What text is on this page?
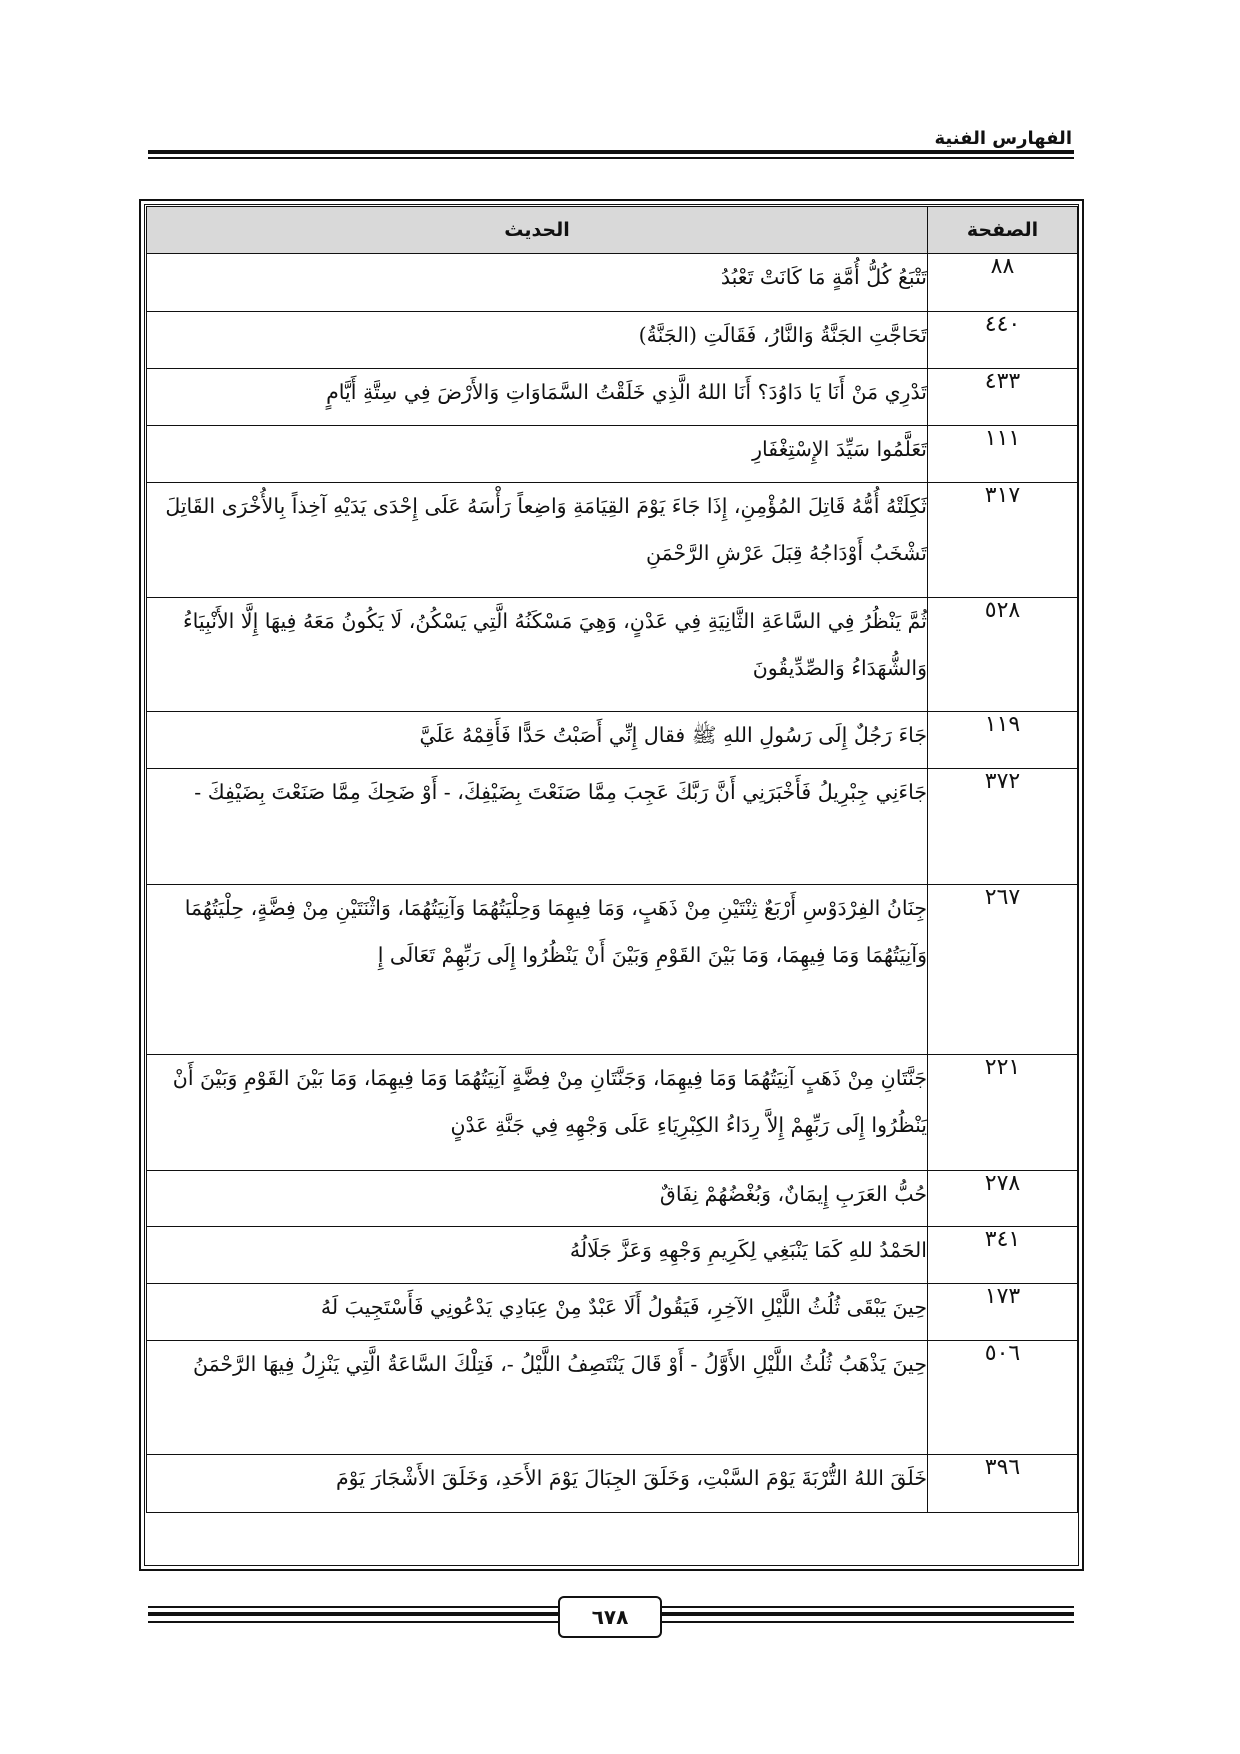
الفهارس الفنية
الصفحة	الحديث
٨٨	تَتْبَعُ كُلُّ أُمَّةٍ مَا كَانَتْ تَعْبُدُ
٤٤٠	تَحَاجَّتِ الجَنَّةُ وَالنَّارُ، فَقَالَتِ (الجَنَّةُ)
٤٣٣	تَدْرِي مَنْ أَنَا يَا دَاوُدَ؟ أَنَا اللهُ الَّذِي خَلَقْتُ السَّمَاوَاتِ وَالأَرْضَ فِي سِتَّةِ أَيَّامٍ
١١١	تَعَلَّمُوا سَيِّدَ الإِسْتِغْفَارِ
٣١٧	ثَكِلَتْهُ أُمُّهُ قَاتِلَ المُؤْمِنِ، إِذَا جَاءَ يَوْمَ القِيَامَةِ وَاضِعاً رَأْسَهُ عَلَى إِحْدَى يَدَيْهِ آخِذاً بِالأُخْرَى القَاتِلَ تَشْخَبُ أَوْدَاجُهُ قِبَلَ عَرْشِ الرَّحْمَنِ
٥٢٨	ثُمَّ يَنْظُرُ فِي السَّاعَةِ الثَّانِيَةِ فِي عَدْنٍ، وَهِيَ مَسْكَنُهُ الَّتِي يَسْكُنُ، لَا يَكُونُ مَعَهُ فِيهَا إِلَّا الأَنْبِيَاءُ وَالشُّهَدَاءُ وَالصِّدِّيقُونَ
١١٩	جَاءَ رَجُلٌ إِلَى رَسُولِ اللهِ ﷺ فقال إِنِّي أَصَبْتُ حَدًّا فَأَقِمْهُ عَلَيَّ
٣٧٢	جَاءَنِي جِبْرِيلُ فَأَخْبَرَنِي أَنَّ رَبَّكَ عَجِبَ مِمَّا صَنَعْتَ بِضَيْفِكَ، - أَوْ ضَحِكَ مِمَّا صَنَعْتَ بِضَيْفِكَ -
٢٦٧	جِنَانُ الفِرْدَوْسِ أَرْبَعٌ ثِنْتَيْنِ مِنْ ذَهَبٍ، وَمَا فِيهِمَا وَحِلْيَتُهُمَا وَآنِيَتُهُمَا، وَاثْنَتَيْنِ مِنْ فِضَّةٍ، حِلْيَتُهُمَا وَآنِيَتُهُمَا وَمَا فِيهِمَا، وَمَا بَيْنَ القَوْمِ وَبَيْنَ أَنْ يَنْظُرُوا إِلَى رَبِّهِمْ تَعَالَى إِ
٢٢١	جَنَّتَانِ مِنْ ذَهَبٍ آنِيَتُهُمَا وَمَا فِيهِمَا، وَجَنَّتَانِ مِنْ فِضَّةٍ آنِيَتُهُمَا وَمَا فِيهِمَا، وَمَا بَيْنَ القَوْمِ وَبَيْنَ أَنْ يَنْظُرُوا إِلَى رَبِّهِمْ إِلاَّ رِدَاءُ الكِبْرِيَاءِ عَلَى وَجْهِهِ فِي جَنَّةِ عَدْنٍ
٢٧٨	حُبُّ العَرَبِ إِيمَانٌ، وَبُغْضُهُمْ نِفَاقٌ
٣٤١	الحَمْدُ للهِ كَمَا يَنْبَغِي لِكَرِيمِ وَجْهِهِ وَعَزَّ جَلَالُهُ
١٧٣	حِينَ يَبْقَى ثُلُثُ اللَّيْلِ الآخِرِ، فَيَقُولُ أَلَا عَبْدٌ مِنْ عِبَادِي يَدْعُونِي فَأَسْتَجِيبَ لَهُ
٥٠٦	حِينَ يَذْهَبُ ثُلُثُ اللَّيْلِ الأَوَّلُ - أَوْ قَالَ يَنْتَصِفُ اللَّيْلُ -، فَتِلْكَ السَّاعَةُ الَّتِي يَنْزِلُ فِيهَا الرَّحْمَنُ
٣٩٦	خَلَقَ اللهُ التُّرْبَةَ يَوْمَ السَّبْتِ، وَخَلَقَ الجِبَالَ يَوْمَ الأَحَدِ، وَخَلَقَ الأَشْجَارَ يَوْمَ
٦٧٨
